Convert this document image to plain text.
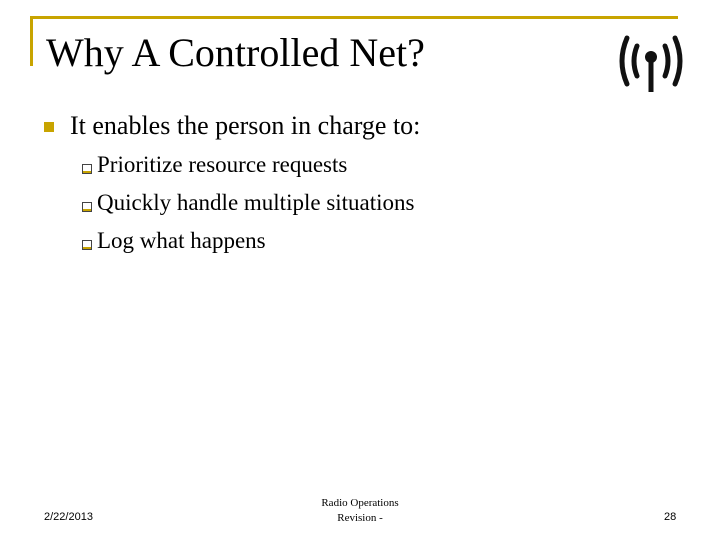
Why A Controlled Net?
It enables the person in charge to:
Prioritize resource requests
Quickly handle multiple situations
Log what happens
2/22/2013
Radio Operations
Revision -	28
